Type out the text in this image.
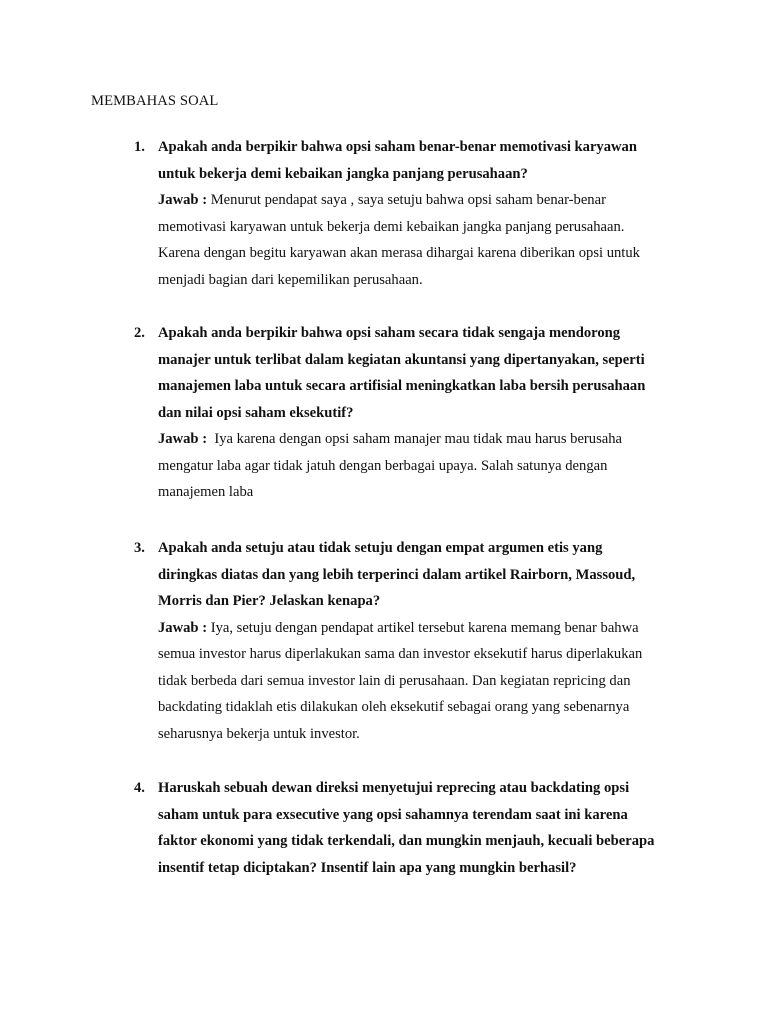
MEMBAHAS SOAL
1. Apakah anda berpikir bahwa opsi saham benar-benar memotivasi karyawan
untuk bekerja demi kebaikan jangka panjang perusahaan?
Jawab : Menurut pendapat saya , saya setuju bahwa opsi saham benar-benar
memotivasi karyawan untuk bekerja demi kebaikan jangka panjang perusahaan.
Karena dengan begitu karyawan akan merasa dihargai karena diberikan opsi untuk
menjadi bagian dari kepemilikan perusahaan.
2. Apakah anda berpikir bahwa opsi saham secara tidak sengaja mendorong
manajer untuk terlibat dalam kegiatan akuntansi yang dipertanyakan, seperti
manajemen laba untuk secara artifisial meningkatkan laba bersih perusahaan
dan nilai opsi saham eksekutif?
Jawab :  Iya karena dengan opsi saham manajer mau tidak mau harus berusaha
mengatur laba agar tidak jatuh dengan berbagai upaya. Salah satunya dengan
manajemen laba
3. Apakah anda setuju atau tidak setuju dengan empat argumen etis yang
diringkas diatas dan yang lebih terperinci dalam artikel Rairborn, Massoud,
Morris dan Pier? Jelaskan kenapa?
Jawab : Iya, setuju dengan pendapat artikel tersebut karena memang benar bahwa
semua investor harus diperlakukan sama dan investor eksekutif harus diperlakukan
tidak berbeda dari semua investor lain di perusahaan. Dan kegiatan repricing dan
backdating tidaklah etis dilakukan oleh eksekutif sebagai orang yang sebenarnya
seharusnya bekerja untuk investor.
4. Haruskah sebuah dewan direksi menyetujui reprecing atau backdating opsi
saham untuk para exsecutive yang opsi sahamnya terendam saat ini karena
faktor ekonomi yang tidak terkendali, dan mungkin menjauh, kecuali beberapa
insentif tetap diciptakan? Insentif lain apa yang mungkin berhasil?
